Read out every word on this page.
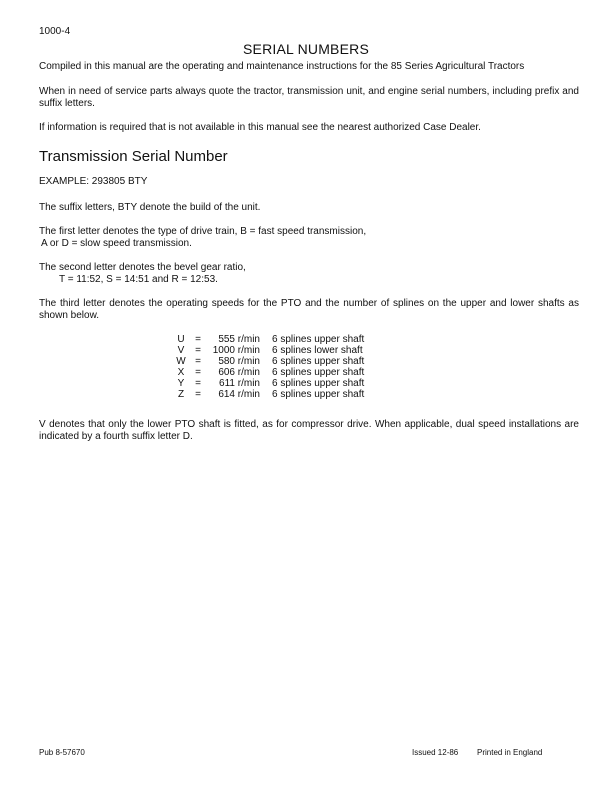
1000-4
SERIAL NUMBERS

Compiled in this manual are the operating and maintenance instructions for the 85 Series Agricultural Tractors

When in need of service parts always quote the tractor, transmission unit, and engine serial numbers, including prefix and suffix letters.

If information is required that is not available in this manual see the nearest authorized Case Dealer.

Transmission Serial Number

EXAMPLE: 293805 BTY

The suffix letters, BTY denote the build of the unit.

The first letter denotes the type of drive train, B = fast speed transmission,
A or D = slow speed transmission.
The second letter denotes the bevel gear ratio,
T = 11:52, S = 14:51 and R = 12:53.

The third letter denotes the operating speeds for the PTO and the number of splines on the upper and lower shafts as shown below.

U	=	555 r/min	6 splines upper shaft
V	=	1000 r/min	6 splines lower shaft
W	=	580 r/min	6 splines upper shaft
X	=	606 r/min	6 splines upper shaft
Y	=	611 r/min	6 splines upper shaft
Z	=	614 r/min	6 splines upper shaft

V denotes that only the lower PTO shaft is fitted, as for compressor drive. When applicable, dual speed installations are indicated by a fourth suffix letter D.

Pub 8-57670	Issued 12-86 Printed in England
